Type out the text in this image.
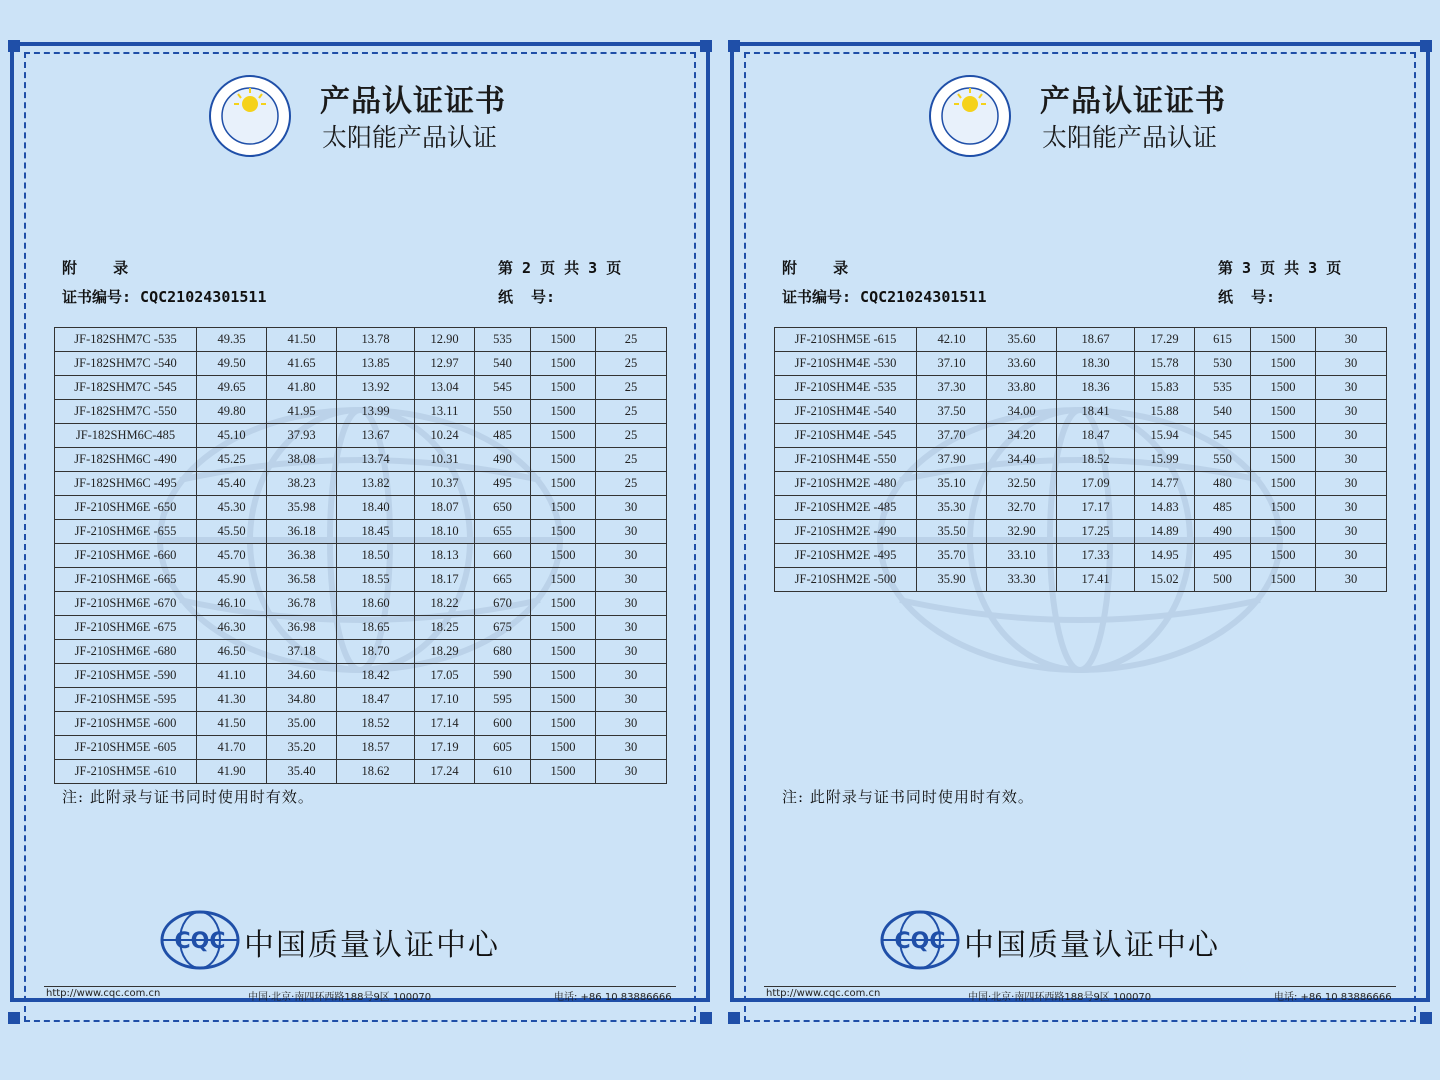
产品认证证书
太阳能产品认证
附    录	第 2 页 共 3 页
证书编号: CQC21024301511	纸  号:
JF-182SHM7C -535	49.35	41.50	13.78	12.90	535	1500	25
JF-182SHM7C -540	49.50	41.65	13.85	12.97	540	1500	25
JF-182SHM7C -545	49.65	41.80	13.92	13.04	545	1500	25
JF-182SHM7C -550	49.80	41.95	13.99	13.11	550	1500	25
JF-182SHM6C-485	45.10	37.93	13.67	10.24	485	1500	25
JF-182SHM6C -490	45.25	38.08	13.74	10.31	490	1500	25
JF-182SHM6C -495	45.40	38.23	13.82	10.37	495	1500	25
JF-210SHM6E -650	45.30	35.98	18.40	18.07	650	1500	30
JF-210SHM6E -655	45.50	36.18	18.45	18.10	655	1500	30
JF-210SHM6E -660	45.70	36.38	18.50	18.13	660	1500	30
JF-210SHM6E -665	45.90	36.58	18.55	18.17	665	1500	30
JF-210SHM6E -670	46.10	36.78	18.60	18.22	670	1500	30
JF-210SHM6E -675	46.30	36.98	18.65	18.25	675	1500	30
JF-210SHM6E -680	46.50	37.18	18.70	18.29	680	1500	30
JF-210SHM5E -590	41.10	34.60	18.42	17.05	590	1500	30
JF-210SHM5E -595	41.30	34.80	18.47	17.10	595	1500	30
JF-210SHM5E -600	41.50	35.00	18.52	17.14	600	1500	30
JF-210SHM5E -605	41.70	35.20	18.57	17.19	605	1500	30
JF-210SHM5E -610	41.90	35.40	18.62	17.24	610	1500	30
注: 此附录与证书同时使用时有效。
CQC 中国质量认证中心
http://www.cqc.com.cn	中国·北京·南四环西路188号9区 100070	电话: +86 10 83886666
产品认证证书
太阳能产品认证
附    录	第 3 页 共 3 页
证书编号: CQC21024301511	纸  号:
JF-210SHM5E -615	42.10	35.60	18.67	17.29	615	1500	30
JF-210SHM4E -530	37.10	33.60	18.30	15.78	530	1500	30
JF-210SHM4E -535	37.30	33.80	18.36	15.83	535	1500	30
JF-210SHM4E -540	37.50	34.00	18.41	15.88	540	1500	30
JF-210SHM4E -545	37.70	34.20	18.47	15.94	545	1500	30
JF-210SHM4E -550	37.90	34.40	18.52	15.99	550	1500	30
JF-210SHM2E -480	35.10	32.50	17.09	14.77	480	1500	30
JF-210SHM2E -485	35.30	32.70	17.17	14.83	485	1500	30
JF-210SHM2E -490	35.50	32.90	17.25	14.89	490	1500	30
JF-210SHM2E -495	35.70	33.10	17.33	14.95	495	1500	30
JF-210SHM2E -500	35.90	33.30	17.41	15.02	500	1500	30
注: 此附录与证书同时使用时有效。
CQC 中国质量认证中心
http://www.cqc.com.cn	中国·北京·南四环西路188号9区 100070	电话: +86 10 83886666
